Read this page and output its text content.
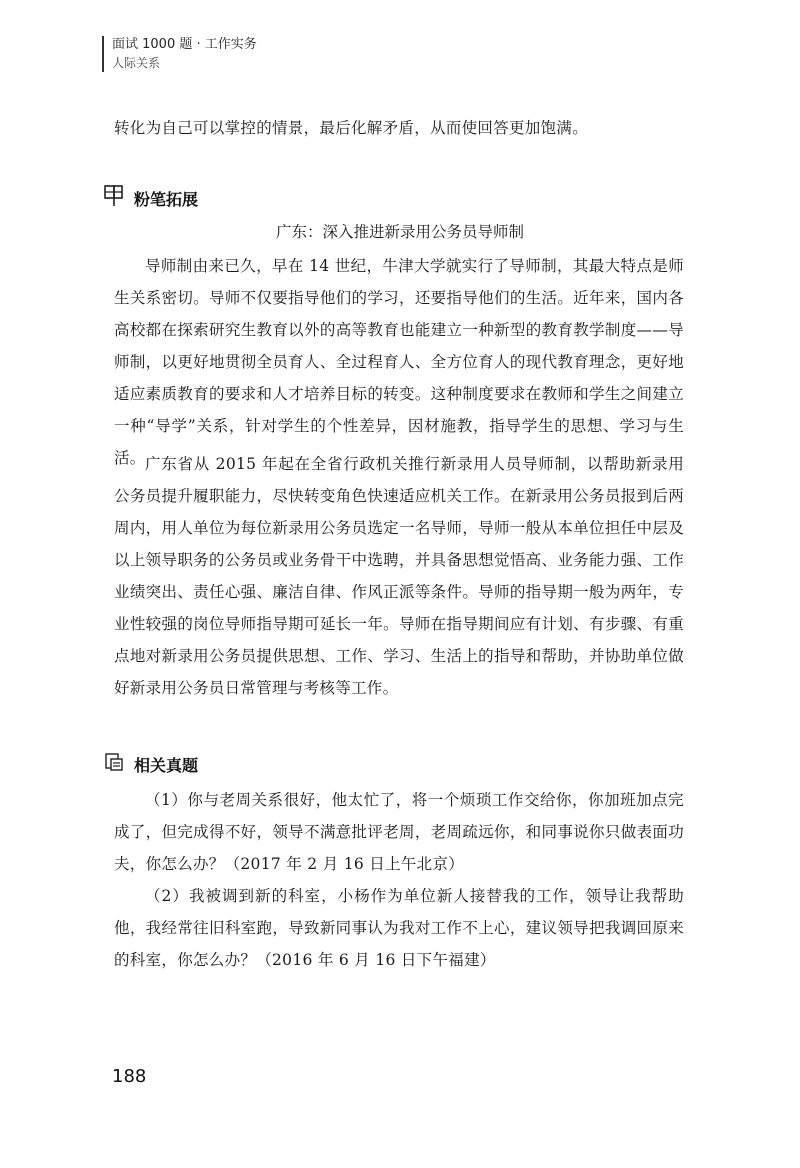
面试 1000 题 · 工作实务
人际关系

转化为自己可以掌控的情景，最后化解矛盾，从而使回答更加饱满。

粉笔拓展
广东：深入推进新录用公务员导师制

导师制由来已久，早在 14 世纪，牛津大学就实行了导师制，其最大特点是师生关系密切。导师不仅要指导他们的学习，还要指导他们的生活。近年来，国内各高校都在探索研究生教育以外的高等教育也能建立一种新型的教育教学制度——导师制，以更好地贯彻全员育人、全过程育人、全方位育人的现代教育理念，更好地适应素质教育的要求和人才培养目标的转变。这种制度要求在教师和学生之间建立一种“导学”关系，针对学生的个性差异，因材施教，指导学生的思想、学习与生活。 广东省从 2015 年起在全省行政机关推行新录用人员导师制，以帮助新录用公务员提升履职能力，尽快转变角色快速适应机关工作。在新录用公务员报到后两周内，用人单位为每位新录用公务员选定一名导师，导师一般从本单位担任中层及以上领导职务的公务员或业务骨干中选聘，并具备思想觉悟高、业务能力强、工作业绩突出、责任心强、廉洁自律、作风正派等条件。导师的指导期一般为两年，专业性较强的岗位导师指导期可延长一年。导师在指导期间应有计划、有步骤、有重点地对新录用公务员提供思想、工作、学习、生活上的指导和帮助，并协助单位做好新录用公务员日常管理与考核等工作。

相关真题

（1）你与老周关系很好，他太忙了，将一个烦琐工作交给你，你加班加点完成了，但完成得不好，领导不满意批评老周，老周疏远你，和同事说你只做表面功夫，你怎么办？（2017 年 2 月 16 日上午北京）

（2）我被调到新的科室，小杨作为单位新人接替我的工作，领导让我帮助他，我经常往旧科室跑，导致新同事认为我对工作不上心，建议领导把我调回原来的科室，你怎么办？（2016 年 6 月 16 日下午福建）

188
